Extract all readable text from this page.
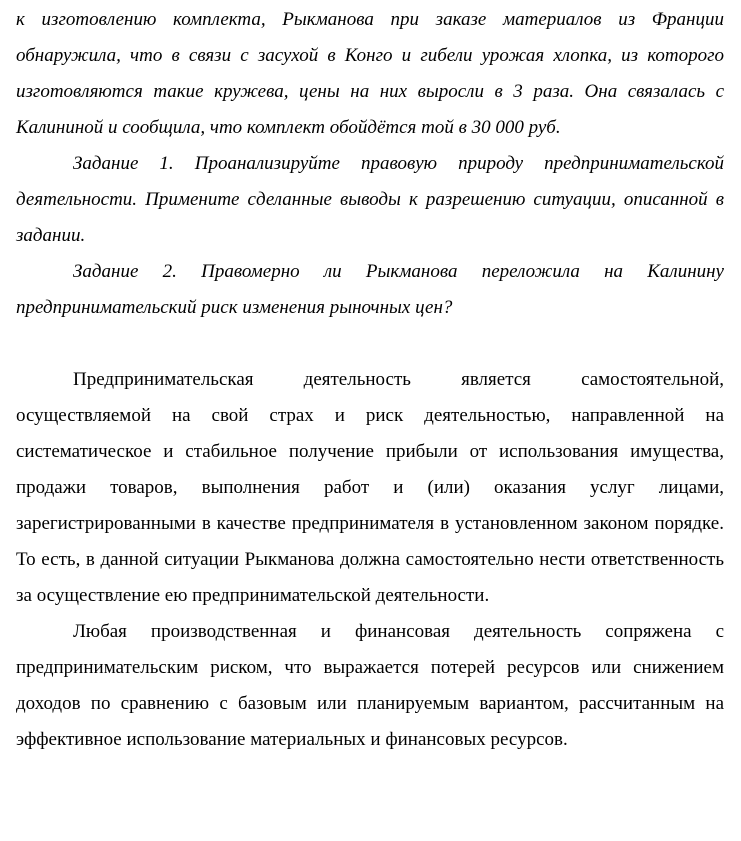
к изготовлению комплекта, Рыкманова при заказе материалов из Франции обнаружила, что в связи с засухой в Конго и гибели урожая хлопка, из которого изготовляются такие кружева, цены на них выросли в 3 раза. Она связалась с Калининой и сообщила, что комплект обойдётся той в 30 000 руб.

Задание 1. Проанализируйте правовую природу предпринимательской деятельности. Примените сделанные выводы к разрешению ситуации, описанной в задании.

Задание 2. Правомерно ли Рыкманова переложила на Калинину предпринимательский риск изменения рыночных цен?

Предпринимательская деятельность является самостоятельной, осуществляемой на свой страх и риск деятельностью, направленной на систематическое и стабильное получение прибыли от использования имущества, продажи товаров, выполнения работ и (или) оказания услуг лицами, зарегистрированными в качестве предпринимателя в установленном законом порядке. То есть, в данной ситуации Рыкманова должна самостоятельно нести ответственность за осуществление ею предпринимательской деятельности.

Любая производственная и финансовая деятельность сопряжена с предпринимательским риском, что выражается потерей ресурсов или снижением доходов по сравнению с базовым или планируемым вариантом, рассчитанным на эффективное использование материальных и финансовых ресурсов.
